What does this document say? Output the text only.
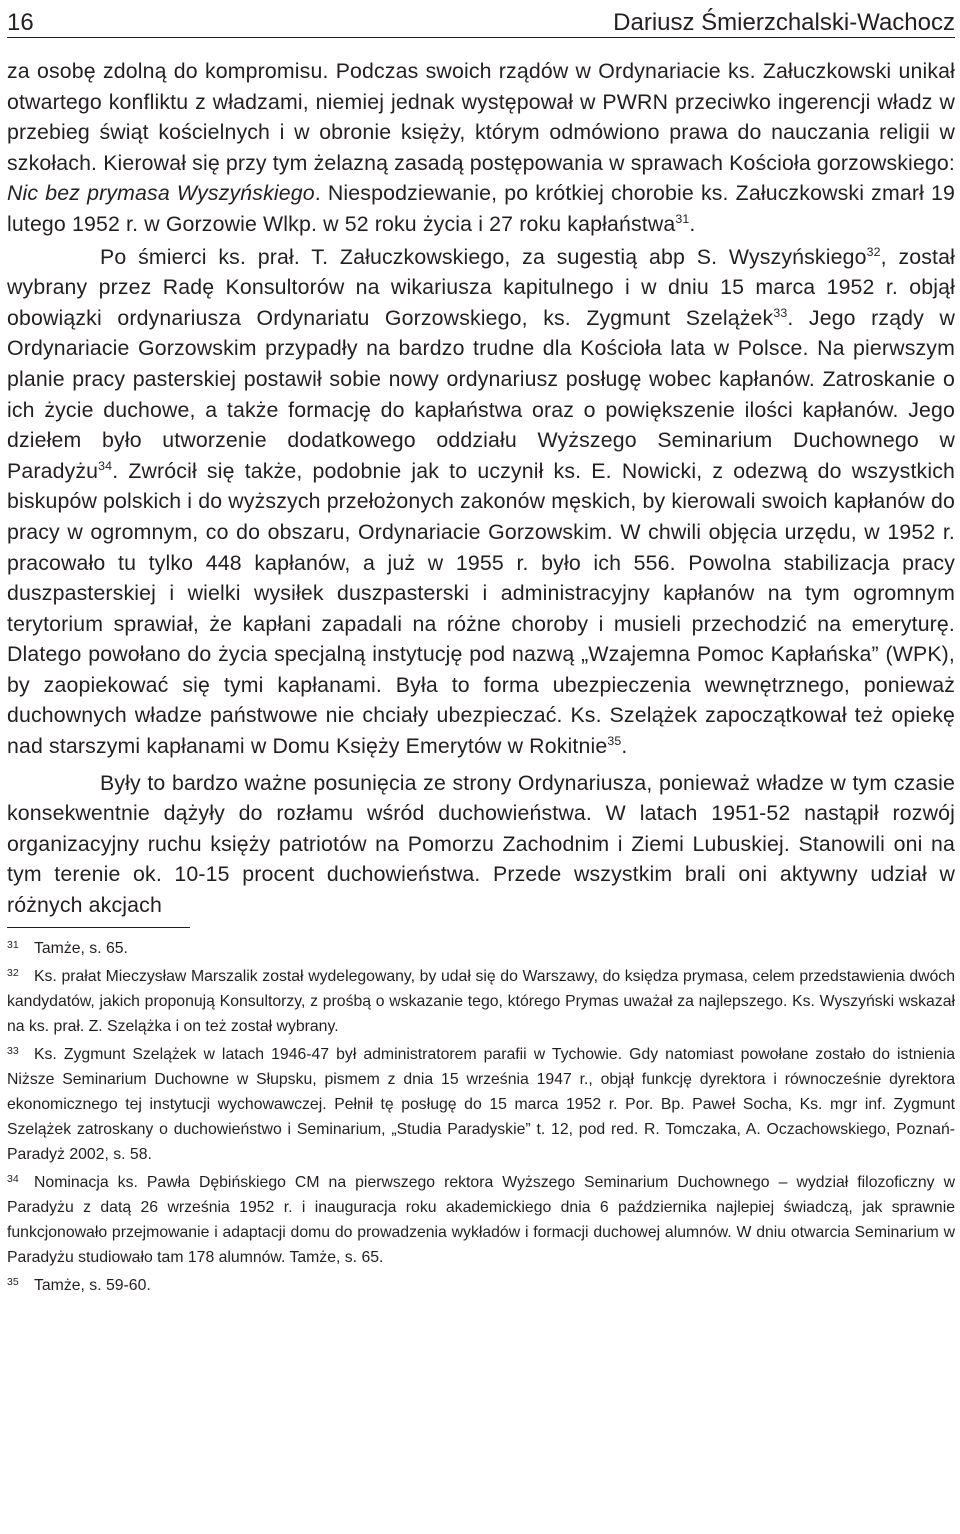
16	Dariusz Śmierzchalski-Wachocz

za osobę zdolną do kompromisu. Podczas swoich rządów w Ordynariacie ks. Załuczkowski unikał otwartego konfliktu z władzami, niemiej jednak występował w PWRN przeciwko ingerencji władz w przebieg świąt kościelnych i w obronie księży, którym odmówiono prawa do nauczania religii w szkołach. Kierował się przy tym żelazną zasadą postępowania w sprawach Kościoła gorzowskiego: Nic bez prymasa Wyszyńskiego. Niespodziewanie, po krótkiej chorobie ks. Załuczkowski zmarł 19 lutego 1952 r. w Gorzowie Wlkp. w 52 roku życia i 27 roku kapłaństwa$^{31}$.

Po śmierci ks. prał. T. Załuczkowskiego, za sugestią abp S. Wyszyńskiego$^{32}$, został wybrany przez Radę Konsultorów na wikariusza kapitulnego i w dniu 15 marca 1952 r. objął obowiązki ordynariusza Ordynariatu Gorzowskiego, ks. Zygmunt Szelążek$^{33}$. Jego rządy w Ordynariacie Gorzowskim przypadły na bardzo trudne dla Kościoła lata w Polsce. Na pierwszym planie pracy pasterskiej postawił sobie nowy ordynariusz posługę wobec kapłanów. Zatroskanie o ich życie duchowe, a także formację do kapłaństwa oraz o powiększenie ilości kapłanów. Jego dziełem było utworzenie dodatkowego oddziału Wyższego Seminarium Duchownego w Paradyżu$^{34}$. Zwrócił się także, podobnie jak to uczynił ks. E. Nowicki, z odezwą do wszystkich biskupów polskich i do wyższych przełożonych zakonów męskich, by kierowali swoich kapłanów do pracy w ogromnym, co do obszaru, Ordynariacie Gorzowskim. W chwili objęcia urzędu, w 1952 r. pracowało tu tylko 448 kapłanów, a już w 1955 r. było ich 556. Powolna stabilizacja pracy duszpasterskiej i wielki wysiłek duszpasterski i administracyjny kapłanów na tym ogromnym terytorium sprawiał, że kapłani zapadali na różne choroby i musieli przechodzić na emeryturę. Dlatego powołano do życia specjalną instytucję pod nazwą „Wzajemna Pomoc Kapłańska” (WPK), by zaopiekować się tymi kapłanami. Była to forma ubezpieczenia wewnętrznego, ponieważ duchownych władze państwowe nie chciały ubezpieczać. Ks. Szelążek zapoczątkował też opiekę nad starszymi kapłanami w Domu Księży Emerytów w Rokitnie$^{35}$.

Były to bardzo ważne posunięcia ze strony Ordynariusza, ponieważ władze w tym czasie konsekwentnie dążyły do rozłamu wśród duchowieństwa. W latach 1951-52 nastąpił rozwój organizacyjny ruchu księży patriotów na Pomorzu Zachodnim i Ziemi Lubuskiej. Stanowili oni na tym terenie ok. 10-15 procent duchowieństwa. Przede wszystkim brali oni aktywny udział w różnych akcjach

31 Tamże, s. 65.

32 Ks. prałat Mieczysław Marszalik został wydelegowany, by udał się do Warszawy, do księdza prymasa, celem przedstawienia dwóch kandydatów, jakich proponują Konsultorzy, z prośbą o wskazanie tego, którego Prymas uważał za najlepszego. Ks. Wyszyński wskazał na ks. prał. Z. Szelążka i on też został wybrany.

33 Ks. Zygmunt Szelążek w latach 1946-47 był administratorem parafii w Tychowie. Gdy natomiast powołane zostało do istnienia Niższe Seminarium Duchowne w Słupsku, pismem z dnia 15 września 1947 r., objął funkcję dyrektora i równocześnie dyrektora ekonomicznego tej instytucji wychowawczej. Pełnił tę posługę do 15 marca 1952 r. Por. Bp. Paweł Socha, Ks. mgr inf. Zygmunt Szelążek zatroskany o duchowieństwo i Seminarium, „Studia Paradyskie” t. 12, pod red. R. Tomczaka, A. Oczachowskiego, Poznań-Paradyż 2002, s. 58.

34 Nominacja ks. Pawła Dębińskiego CM na pierwszego rektora Wyższego Seminarium Duchownego – wydział filozoficzny w Paradyżu z datą 26 września 1952 r. i inauguracja roku akademickiego dnia 6 października najlepiej świadczą, jak sprawnie funkcjonowało przejmowanie i adaptacji domu do prowadzenia wykładów i formacji duchowej alumnów. W dniu otwarcia Seminarium w Paradyżu studiowało tam 178 alumnów. Tamże, s. 65.

35 Tamże, s. 59-60.
